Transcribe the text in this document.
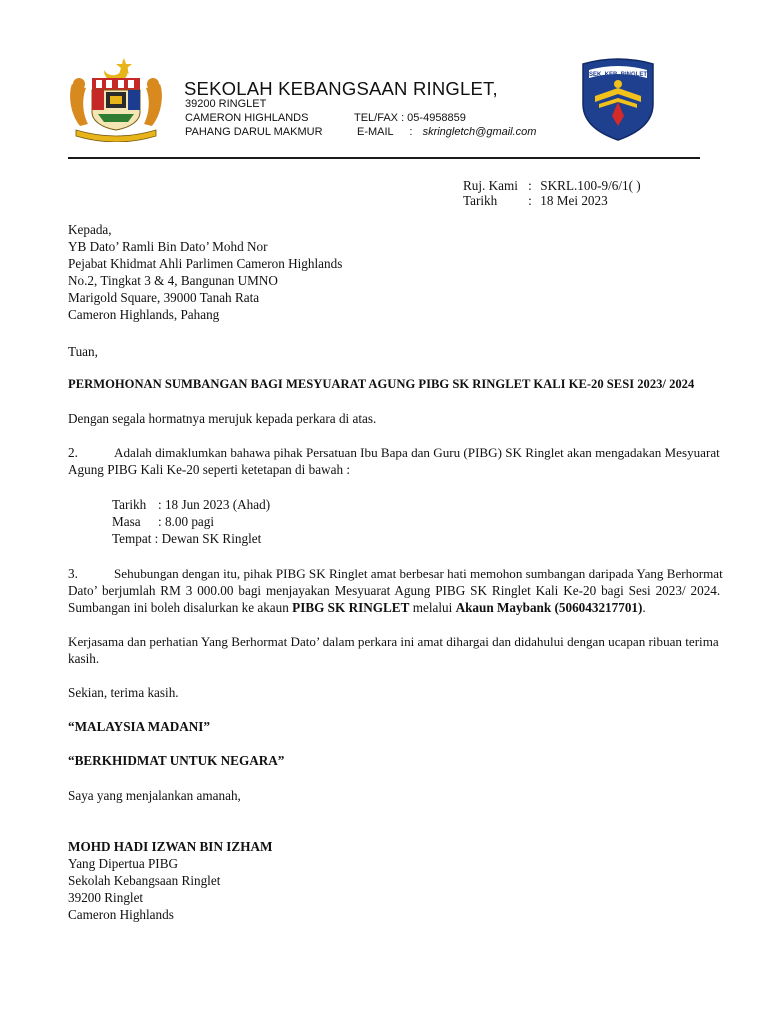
SEKOLAH KEBANGSAAN RINGLET,
39200 RINGLET
CAMERON HIGHLANDS
PAHANG DARUL MAKMUR
TEL/FAX : 05-4958859
E-MAIL : skringletch@gmail.com
SEK. KEB. RINGLET
Ruj. Kami : SKRL.100-9/6/1( )
Tarikh : 18 Mei 2023
Kepada,
YB Dato’ Ramli Bin Dato’ Mohd Nor
Pejabat Khidmat Ahli Parlimen Cameron Highlands
No.2, Tingkat 3 & 4, Bangunan UMNO
Marigold Square, 39000 Tanah Rata
Cameron Highlands, Pahang
Tuan,
PERMOHONAN SUMBANGAN BAGI MESYUARAT AGUNG PIBG SK RINGLET KALI KE-20 SESI 2023/ 2024
Dengan segala hormatnya merujuk kepada perkara di atas.
2.	Adalah dimaklumkan bahawa pihak Persatuan Ibu Bapa dan Guru (PIBG) SK Ringlet akan mengadakan Mesyuarat
Agung PIBG Kali Ke-20 seperti ketetapan di bawah :
Tarikh : 18 Jun 2023 (Ahad)
Masa : 8.00 pagi
Tempat : Dewan SK Ringlet
3.	Sehubungan dengan itu, pihak PIBG SK Ringlet amat berbesar hati memohon sumbangan daripada Yang Berhormat
Dato’ berjumlah RM 3 000.00 bagi menjayakan Mesyuarat Agung PIBG SK Ringlet Kali Ke-20 bagi Sesi 2023/ 2024.
Sumbangan ini boleh disalurkan ke akaun PIBG SK RINGLET melalui Akaun Maybank (506043217701).
Kerjasama dan perhatian Yang Berhormat Dato’ dalam perkara ini amat dihargai dan didahului dengan ucapan ribuan terima
kasih.
Sekian, terima kasih.
“MALAYSIA MADANI”
“BERKHIDMAT UNTUK NEGARA”
Saya yang menjalankan amanah,
MOHD HADI IZWAN BIN IZHAM
Yang Dipertua PIBG
Sekolah Kebangsaan Ringlet
39200 Ringlet
Cameron Highlands
